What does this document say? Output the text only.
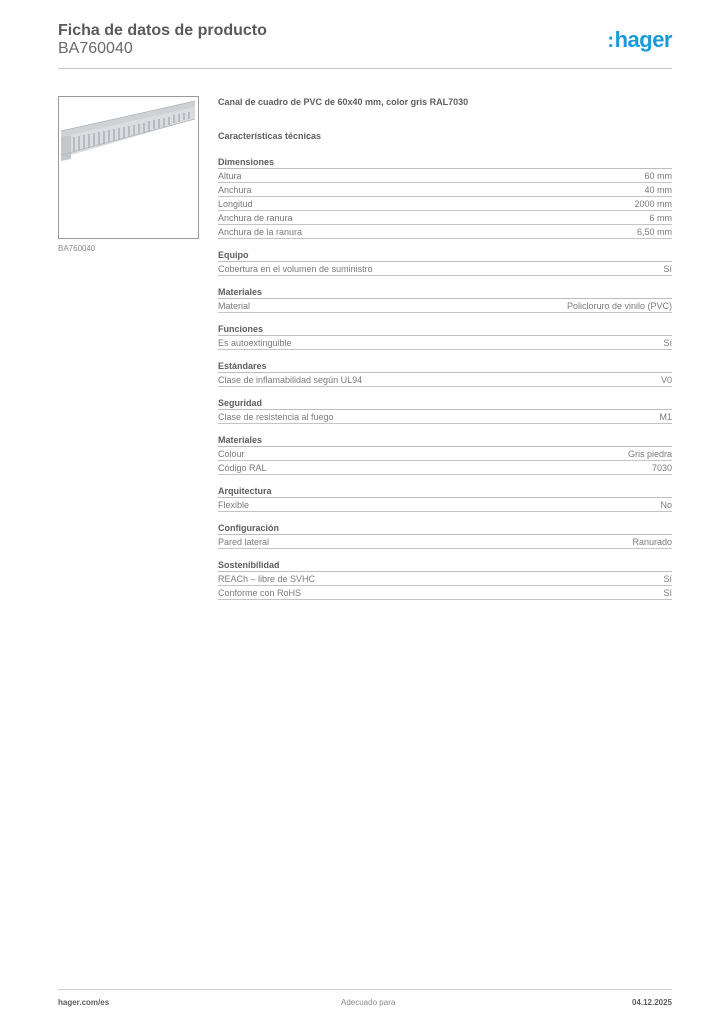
Ficha de datos de producto
BA760040	:hager
BA760040
Canal de cuadro de PVC de 60x40 mm, color gris RAL7030
Características técnicas
Dimensiones
Altura	60 mm
Anchura	40 mm
Longitud	2000 mm
Anchura de ranura	6 mm
Anchura de la ranura	6,50 mm
Equipo
Cobertura en el volumen de suministro	Sí
Materiales
Material	Policloruro de vinilo (PVC)
Funciones
Es autoextinguible	Sí
Estándares
Clase de inflamabilidad según UL94	V0
Seguridad
Clase de resistencia al fuego	M1
Materiales
Colour	Gris piedra
Código RAL	7030
Arquitectura
Flexible	No
Configuración
Pared lateral	Ranurado
Sostenibilidad
REACh – libre de SVHC	Sí
Conforme con RoHS	Sí
hager.com/es	Adecuado para	04.12.2025
